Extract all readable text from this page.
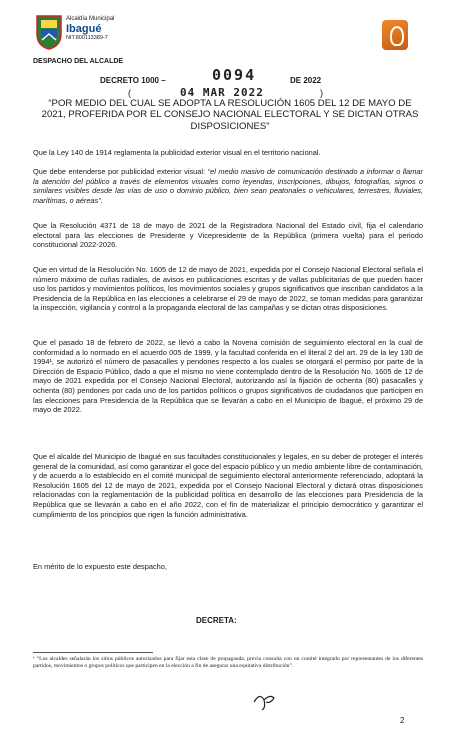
Alcaldía Municipal
Ibagué
NIT.800113389-7
DESPACHO DEL ALCALDE
DECRETO 1000 –	0094	DE 2022
(	04 MAR 2022	)
“POR MEDIO DEL CUAL SE ADOPTA LA RESOLUCIÓN 1605 DEL 12 DE MAYO DE 2021, PROFERIDA POR EL CONSEJO NACIONAL ELECTORAL Y SE DICTAN OTRAS DISPOSICIONES”
Que la Ley 140 de 1914 reglamenta la publicidad exterior visual en el territorio nacional.
Que debe entenderse por publicidad exterior visual: “el medio masivo de comunicación destinado a informar o llamar la atención del público a través de elementos visuales como leyendas, inscripciones, dibujos, fotografías, signos o similares visibles desde las vías de uso o dominio público, bien sean peatonales o vehiculares, terrestres, fluviales, marítimas, o aéreas”.
Que la Resolución 4371 de 18 de mayo de 2021 de la Registradora Nacional del Estado civil, fija el calendario electoral para las elecciones de Presidente y Vicepresidente de la República (primera vuelta) para el periodo constitucional 2022-2026.
Que en virtud de la Resolución No. 1605 de 12 de mayo de 2021, expedida por el Consejo Nacional Electoral señala el número máximo de cuñas radiales, de avisos en publicaciones escritas y de vallas publicitarias de que pueden hacer uso los partidos y movimientos políticos, los movimientos sociales y grupos significativos que inscriban candidatos a la Presidencia de la República en las elecciones a celebrarse el 29 de mayo de 2022, se toman medidas para garantizar la inspección, vigilancia y control a la propaganda electoral de las campañas y se dictan otras disposiciones.
Que el pasado 18 de febrero de 2022, se llevó a cabo la Novena comisión de seguimiento electoral en la cual de conformidad a lo normado en el acuerdo 005 de 1999, y la facultad conferida en el literal 2 del art. 29 de la ley 130 de 1994¹, se autorizó el número de pasacalles y pendones respecto a los cuales se otorgará el permiso por parte de la Dirección de Espacio Público, dado a que el mismo no viene contemplado dentro de la Resolución No. 1605 de 12 de mayo de 2021 expedida por el Consejo Nacional Electoral, autorizando así la fijación de ochenta (80) pasacalles y ochenta (80) pendones por cada uno de los partidos políticos o grupos significativos de ciudadanos que participen en las elecciones para Presidencia de la República que se llevarán a cabo en el Municipio de Ibagué, el próximo 29 de mayo de 2022.
Que el alcalde del Municipio de Ibagué en sus facultades constitucionales y legales, en su deber de proteger el interés general de la comunidad, así como garantizar el goce del espacio público y un medio ambiente libre de contaminación, y de acuerdo a lo establecido en el comité municipal de seguimiento electoral anteriormente referenciado, adoptará la Resolución 1605 del 12 de mayo de 2021, expedida por el Consejo Nacional Electoral y dictará otras disposiciones relacionadas con la reglamentación de la publicidad política en desarrollo de las elecciones para Presidencia de la República que se llevarán a cabo en el año 2022, con el fin de materializar el principio democrático y garantizar el cumplimiento de los principios que rigen la función administrativa.
En mérito de lo expuesto este despacho,
DECRETA:
¹ “Los alcaldes señalarán los sitios públicos autorizados para fijar esta clase de propaganda, previa consulta con un comité integrado por representantes de los diferentes partidos, movimientos o grupos políticos que participen en la elección a fin de asegurar una equitativa distribución”.
2
